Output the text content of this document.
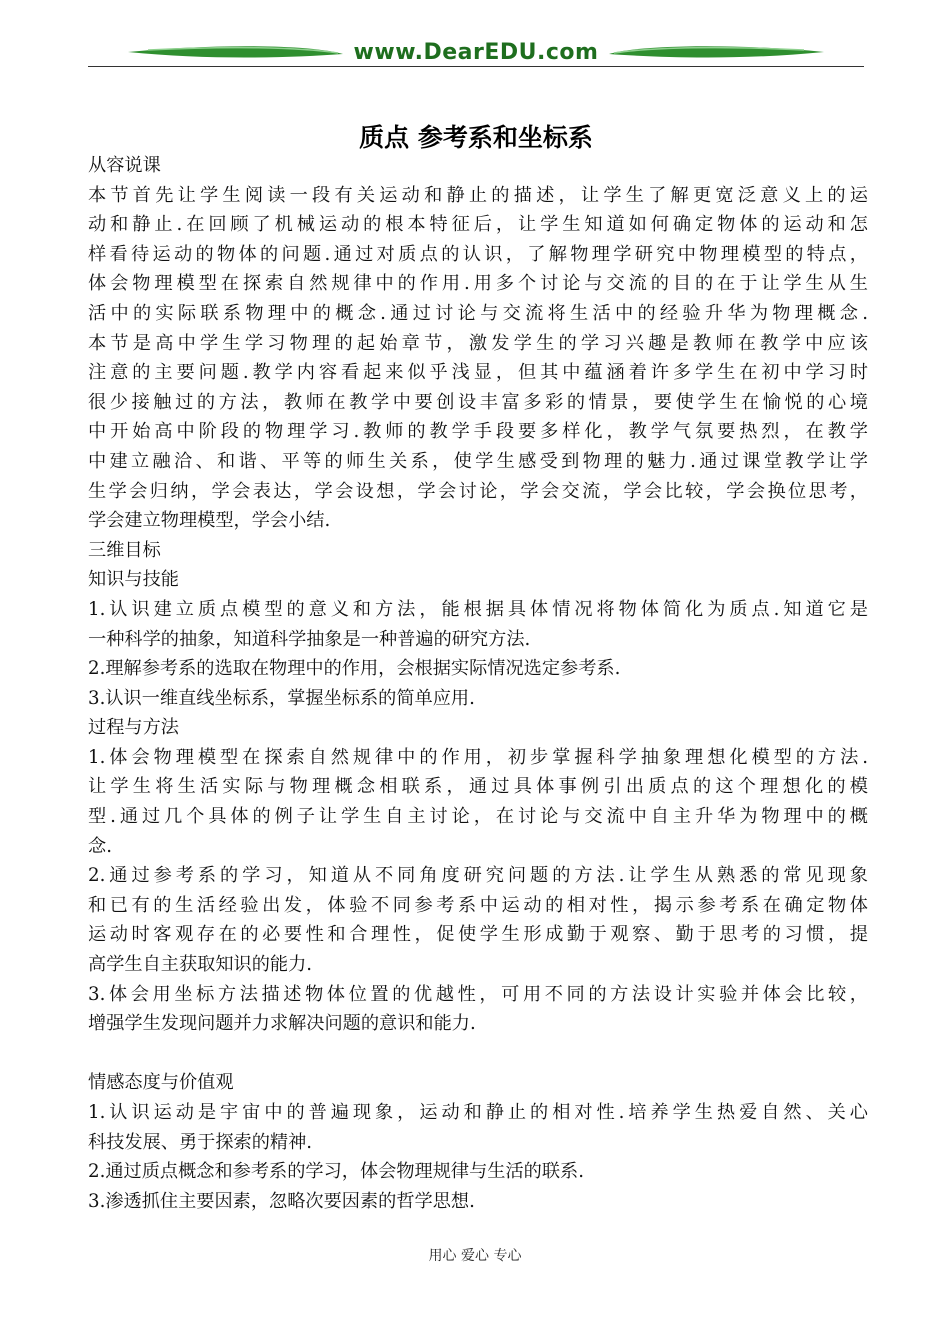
www.DearEDU.com
质点 参考系和坐标系
从容说课
本节首先让学生阅读一段有关运动和静止的描述，让学生了解更宽泛意义上的运
动和静止.在回顾了机械运动的根本特征后，让学生知道如何确定物体的运动和怎
样看待运动的物体的问题.通过对质点的认识，了解物理学研究中物理模型的特点，
体会物理模型在探索自然规律中的作用.用多个讨论与交流的目的在于让学生从生
活中的实际联系物理中的概念.通过讨论与交流将生活中的经验升华为物理概念.
本节是高中学生学习物理的起始章节，激发学生的学习兴趣是教师在教学中应该
注意的主要问题.教学内容看起来似乎浅显，但其中蕴涵着许多学生在初中学习时
很少接触过的方法，教师在教学中要创设丰富多彩的情景，要使学生在愉悦的心境
中开始高中阶段的物理学习.教师的教学手段要多样化，教学气氛要热烈，在教学
中建立融洽、和谐、平等的师生关系，使学生感受到物理的魅力.通过课堂教学让学
生学会归纳，学会表达，学会设想，学会讨论，学会交流，学会比较，学会换位思考，
学会建立物理模型，学会小结.
三维目标
知识与技能
1.认识建立质点模型的意义和方法，能根据具体情况将物体简化为质点.知道它是
一种科学的抽象，知道科学抽象是一种普遍的研究方法.
2.理解参考系的选取在物理中的作用，会根据实际情况选定参考系.
3.认识一维直线坐标系，掌握坐标系的简单应用.
过程与方法
1.体会物理模型在探索自然规律中的作用，初步掌握科学抽象理想化模型的方法.
让学生将生活实际与物理概念相联系，通过具体事例引出质点的这个理想化的模
型.通过几个具体的例子让学生自主讨论，在讨论与交流中自主升华为物理中的概
念.
2.通过参考系的学习，知道从不同角度研究问题的方法.让学生从熟悉的常见现象
和已有的生活经验出发，体验不同参考系中运动的相对性，揭示参考系在确定物体
运动时客观存在的必要性和合理性，促使学生形成勤于观察、勤于思考的习惯，提
高学生自主获取知识的能力.
3.体会用坐标方法描述物体位置的优越性，可用不同的方法设计实验并体会比较，
增强学生发现问题并力求解决问题的意识和能力.
情感态度与价值观
1.认识运动是宇宙中的普遍现象，运动和静止的相对性.培养学生热爱自然、关心
科技发展、勇于探索的精神.
2.通过质点概念和参考系的学习，体会物理规律与生活的联系.
3.渗透抓住主要因素，忽略次要因素的哲学思想.
用心 爱心 专心
